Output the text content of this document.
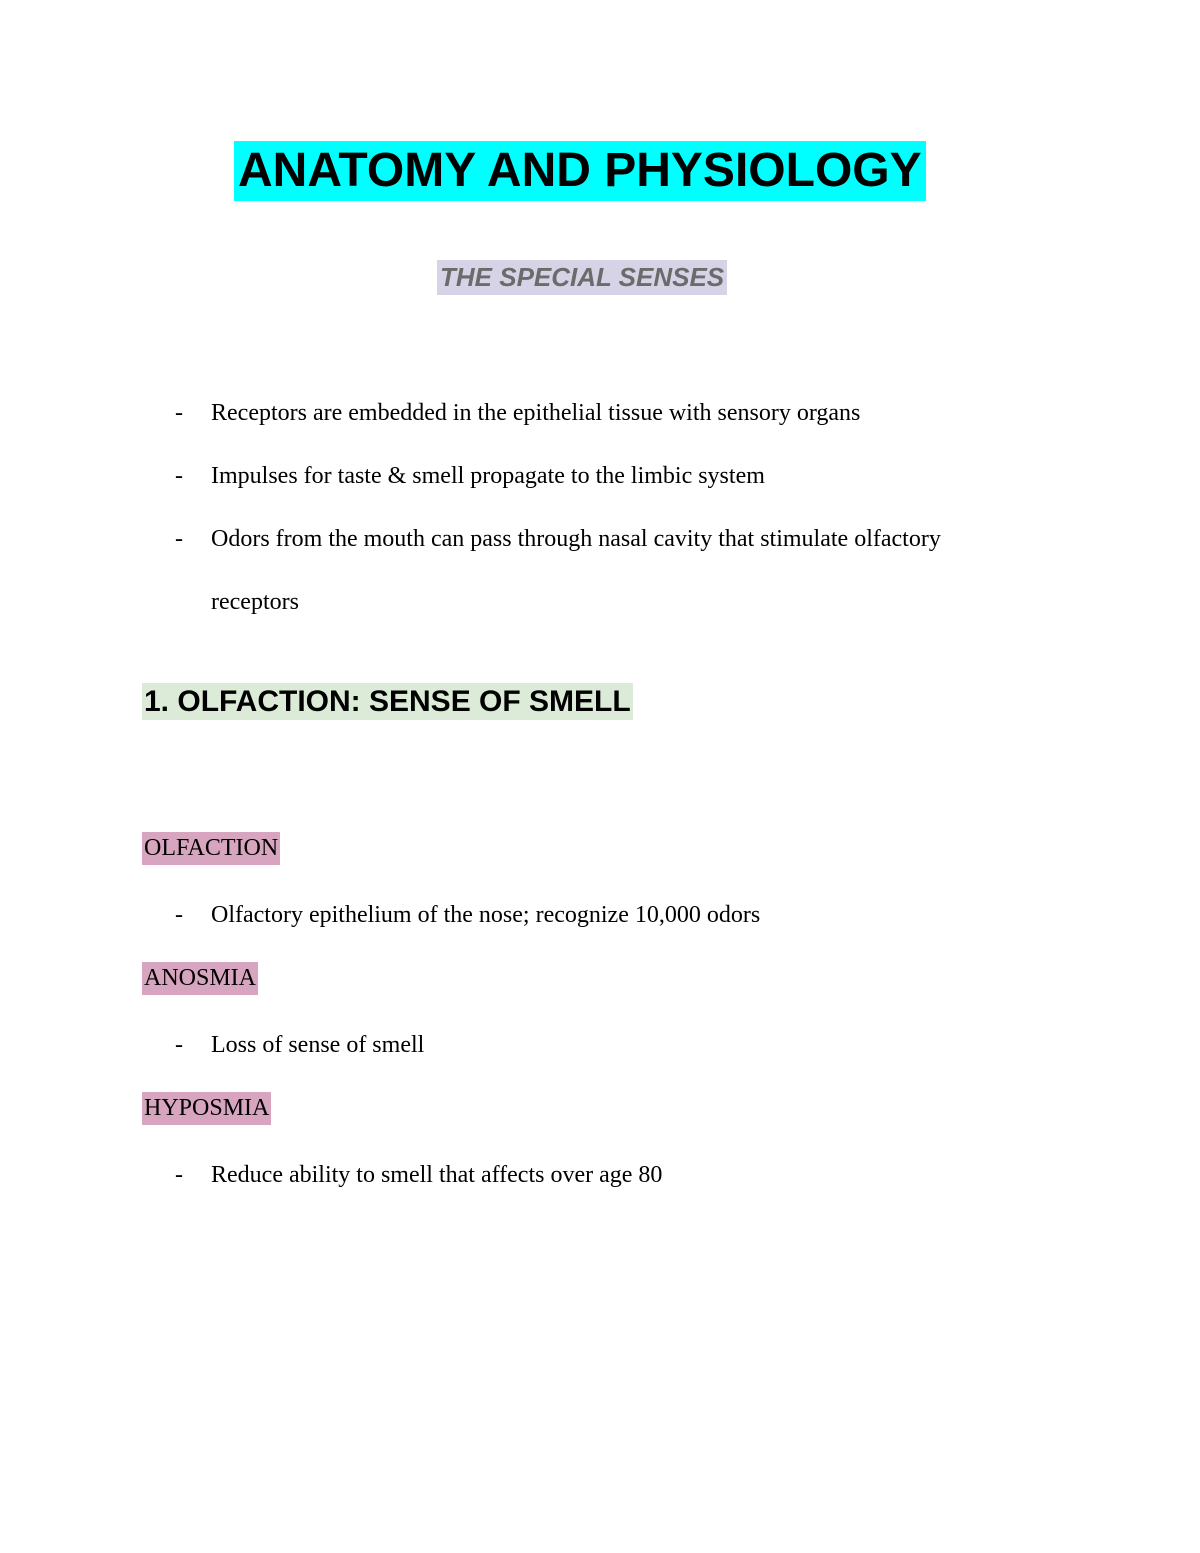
ANATOMY AND PHYSIOLOGY
THE SPECIAL SENSES
- Receptors are embedded in the epithelial tissue with sensory organs
- Impulses for taste & smell propagate to the limbic system
- Odors from the mouth can pass through nasal cavity that stimulate olfactory
receptors
1. OLFACTION: SENSE OF SMELL
OLFACTION
- Olfactory epithelium of the nose; recognize 10,000 odors
ANOSMIA
- Loss of sense of smell
HYPOSMIA
- Reduce ability to smell that affects over age 80
